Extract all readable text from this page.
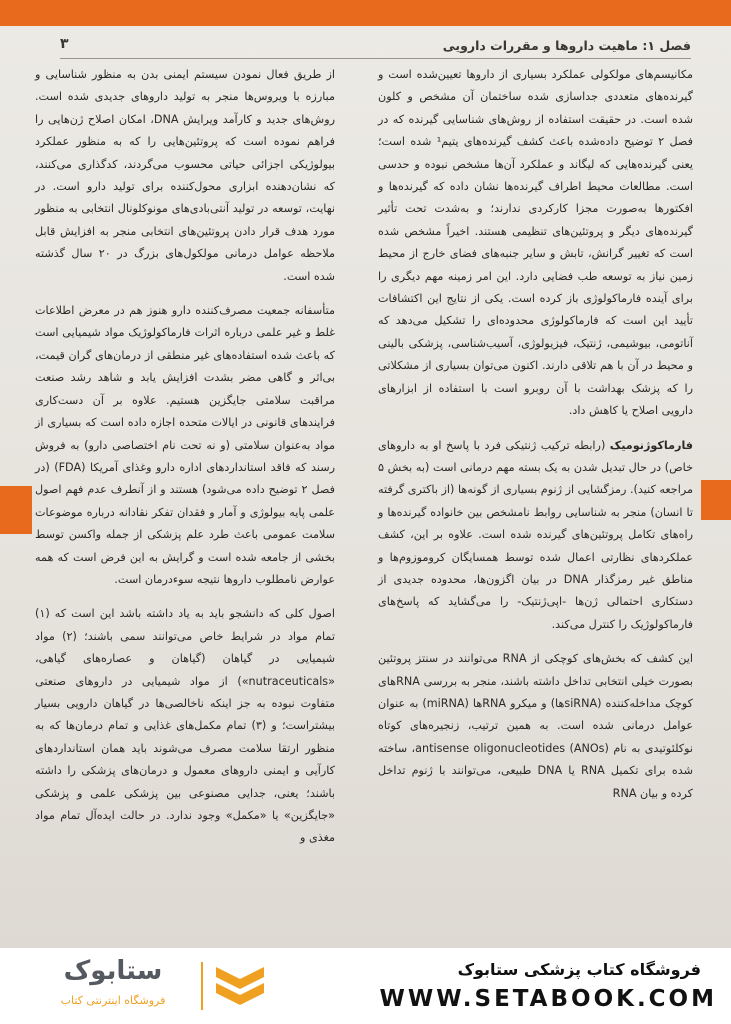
فصل ۱: ماهیت داروها و مقررات دارویی
۳

مکانیسم‌های مولکولی عملکرد بسیاری از داروها تعیین‌شده است و گیرنده‌های متعددی جداسازی شده ساختمان آن مشخص و کلون شده است. در حقیقت استفاده از روش‌های شناسایی گیرنده که در فصل ۲ توضیح داده‌شده باعث کشف گیرنده‌های یتیم¹ شده است؛ یعنی گیرنده‌هایی که لیگاند و عملکرد آن‌ها مشخص نبوده و حدسی است. مطالعات محیط اطراف گیرنده‌ها نشان داده که گیرنده‌ها و افکتورها به‌صورت مجزا کارکردی ندارند؛ و به‌شدت تحت تأثیر گیرنده‌های دیگر و پروتئین‌های تنظیمی هستند. اخیراً مشخص شده است که تغییر گرانش، تابش و سایر جنبه‌های فضای خارج از محیط زمین نیاز به توسعه طب فضایی دارد. این امر زمینه مهم دیگری را برای آینده فارماکولوژی باز کرده است. یکی از نتایج این اکتشافات تأیید این است که فارماکولوژی محدوده‌ای را تشکیل می‌دهد که آناتومی، بیوشیمی، ژنتیک، فیزیولوژی، آسیب‌شناسی، پزشکی بالینی و محیط در آن با هم تلاقی دارند. اکنون می‌توان بسیاری از مشکلاتی را که پزشک بهداشت با آن روبرو است با استفاده از ابزارهای دارویی اصلاح یا کاهش داد.

فارماکوژنومیک (رابطه ترکیب ژنتیکی فرد با پاسخ او به داروهای خاص) در حال تبدیل شدن به یک بسته مهم درمانی است (به بخش ۵ مراجعه کنید). رمزگشایی از ژنوم بسیاری از گونه‌ها (از باکتری گرفته تا انسان) منجر به شناسایی روابط نامشخص بین خانواده گیرنده‌ها و راه‌های تکامل پروتئین‌های گیرنده شده است. علاوه بر این، کشف عملکردهای نظارتی اعمال شده توسط همسایگان کروموزوم‌ها و مناطق غیر رمزگذار DNA در بیان اگزون‌ها، محدوده جدیدی از دستکاری احتمالی ژن‌ها -اپی‌ژنتیک- را می‌گشاید که پاسخ‌های فارماکولوژیک را کنترل می‌کند.

این کشف که بخش‌های کوچکی از RNA می‌توانند در سنتز پروتئین بصورت خیلی انتخابی تداخل داشته باشند، منجر به بررسی RNAهای کوچک مداخله‌کننده (siRNAها) و میکرو RNAها (miRNA) به عنوان عوامل درمانی شده است. به همین ترتیب، زنجیره‌های کوتاه نوکلئوتیدی به نام antisense oligonucleotides (ANOs)، ساخته شده برای تکمیل RNA یا DNA طبیعی، می‌توانند با ژنوم تداخل کرده و بیان RNA

از طریق فعال نمودن سیستم ایمنی بدن به منظور شناسایی و مبارزه با ویروس‌ها منجر به تولید داروهای جدیدی شده است. روش‌های جدید و کارآمد ویرایش DNA، امکان اصلاح ژن‌هایی را فراهم نموده است که پروتئین‌هایی را که به منظور عملکرد بیولوژیکی اجزائی حیاتی محسوب می‌گردند، کدگذاری می‌کنند، که نشان‌دهنده ابزاری محول‌کننده برای تولید دارو است. در نهایت، توسعه در تولید آنتی‌بادی‌های مونوکلونال انتخابی به منظور مورد هدف قرار دادن پروتئین‌های انتخابی منجر به افزایش قابل ملاحظه عوامل درمانی مولکول‌های بزرگ در ۲۰ سال گذشته شده است.

متأسفانه جمعیت مصرف‌کننده دارو هنوز هم در معرض اطلاعات غلط و غیر علمی درباره اثرات فارماکولوژیک مواد شیمیایی است که باعث شده استفاده‌های غیر منطقی از درمان‌های گران قیمت، بی‌اثر و گاهی مضر بشدت افزایش یابد و شاهد رشد صنعت مراقبت سلامتی جایگزین هستیم. علاوه بر آن دست‌کاری فرایندهای قانونی در ایالات متحده اجازه داده است که بسیاری از مواد به‌عنوان سلامتی (و نه تحت نام اختصاصی دارو) به فروش رسند که فاقد استانداردهای اداره دارو وغذای آمریکا (FDA) (در فصل ۲ توضیح داده می‌شود) هستند و از آنطرف عدم فهم اصول علمی پایه بیولوژی و آمار و فقدان تفکر نقادانه درباره موضوعات سلامت عمومی باعث طرد علم پزشکی از جمله واکسن توسط بخشی از جامعه شده است و گرایش به این فرض است که همه عوارض نامطلوب داروها نتیجه سوء‌درمان است.

اصول کلی که دانشجو باید به یاد داشته باشد این است که (۱) تمام مواد در شرایط خاص می‌توانند سمی باشند؛ (۲) مواد شیمیایی در گیاهان (گیاهان و عصاره‌های گیاهی، «nutraceuticals») از مواد شیمیایی در داروهای صنعتی متفاوت نبوده به جز اینکه ناخالصی‌ها در گیاهان دارویی بسیار بیشتراست؛ و (۳) تمام مکمل‌های غذایی و تمام درمان‌ها که به منظور ارتقا سلامت مصرف می‌شوند باید همان استانداردهای کارآیی و ایمنی داروهای معمول و درمان‌های پزشکی را داشته باشند؛ یعنی، جدایی مصنوعی بین پزشکی علمی و پزشکی «جایگزین» یا «مکمل» وجود ندارد. در حالت ایده‌آل تمام مواد مغذی و

فروشگاه کتاب پزشکی ستابوک
WWW.SETABOOK.COM
ستابوک
فروشگاه اینترنتی کتاب
